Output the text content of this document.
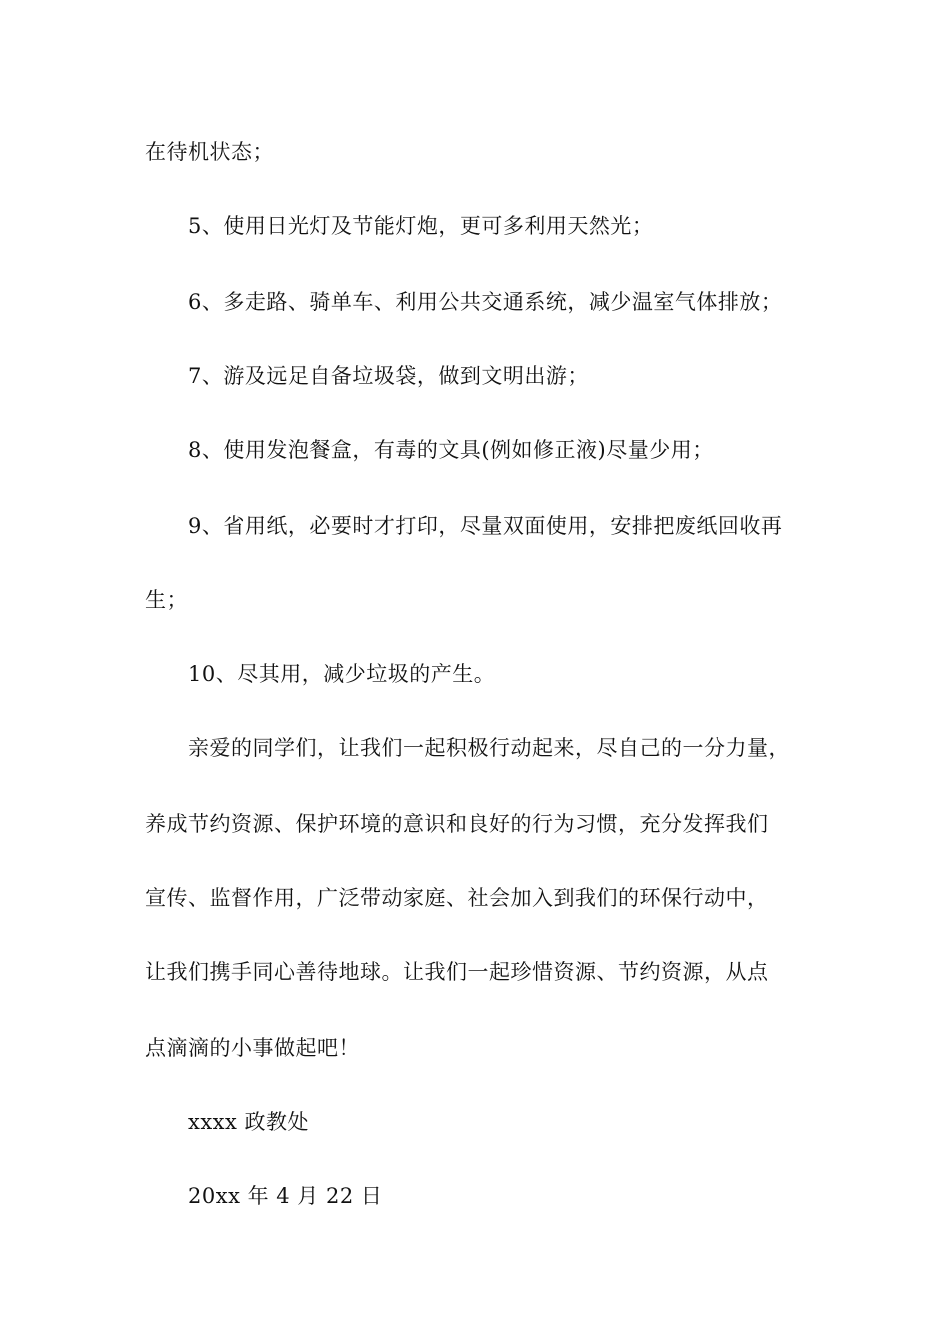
在待机状态；
5、使用日光灯及节能灯炮，更可多利用天然光；
6、多走路、骑单车、利用公共交通系统，减少温室气体排放；
7、游及远足自备垃圾袋，做到文明出游；
8、使用发泡餐盒，有毒的文具(例如修正液)尽量少用；
9、省用纸，必要时才打印，尽量双面使用，安排把废纸回收再
生；
10、尽其用，减少垃圾的产生。
亲爱的同学们，让我们一起积极行动起来，尽自己的一分力量，
养成节约资源、保护环境的意识和良好的行为习惯，充分发挥我们
宣传、监督作用，广泛带动家庭、社会加入到我们的环保行动中，
让我们携手同心善待地球。让我们一起珍惜资源、节约资源，从点
点滴滴的小事做起吧！
xxxx 政教处
20xx 年 4 月 22 日
